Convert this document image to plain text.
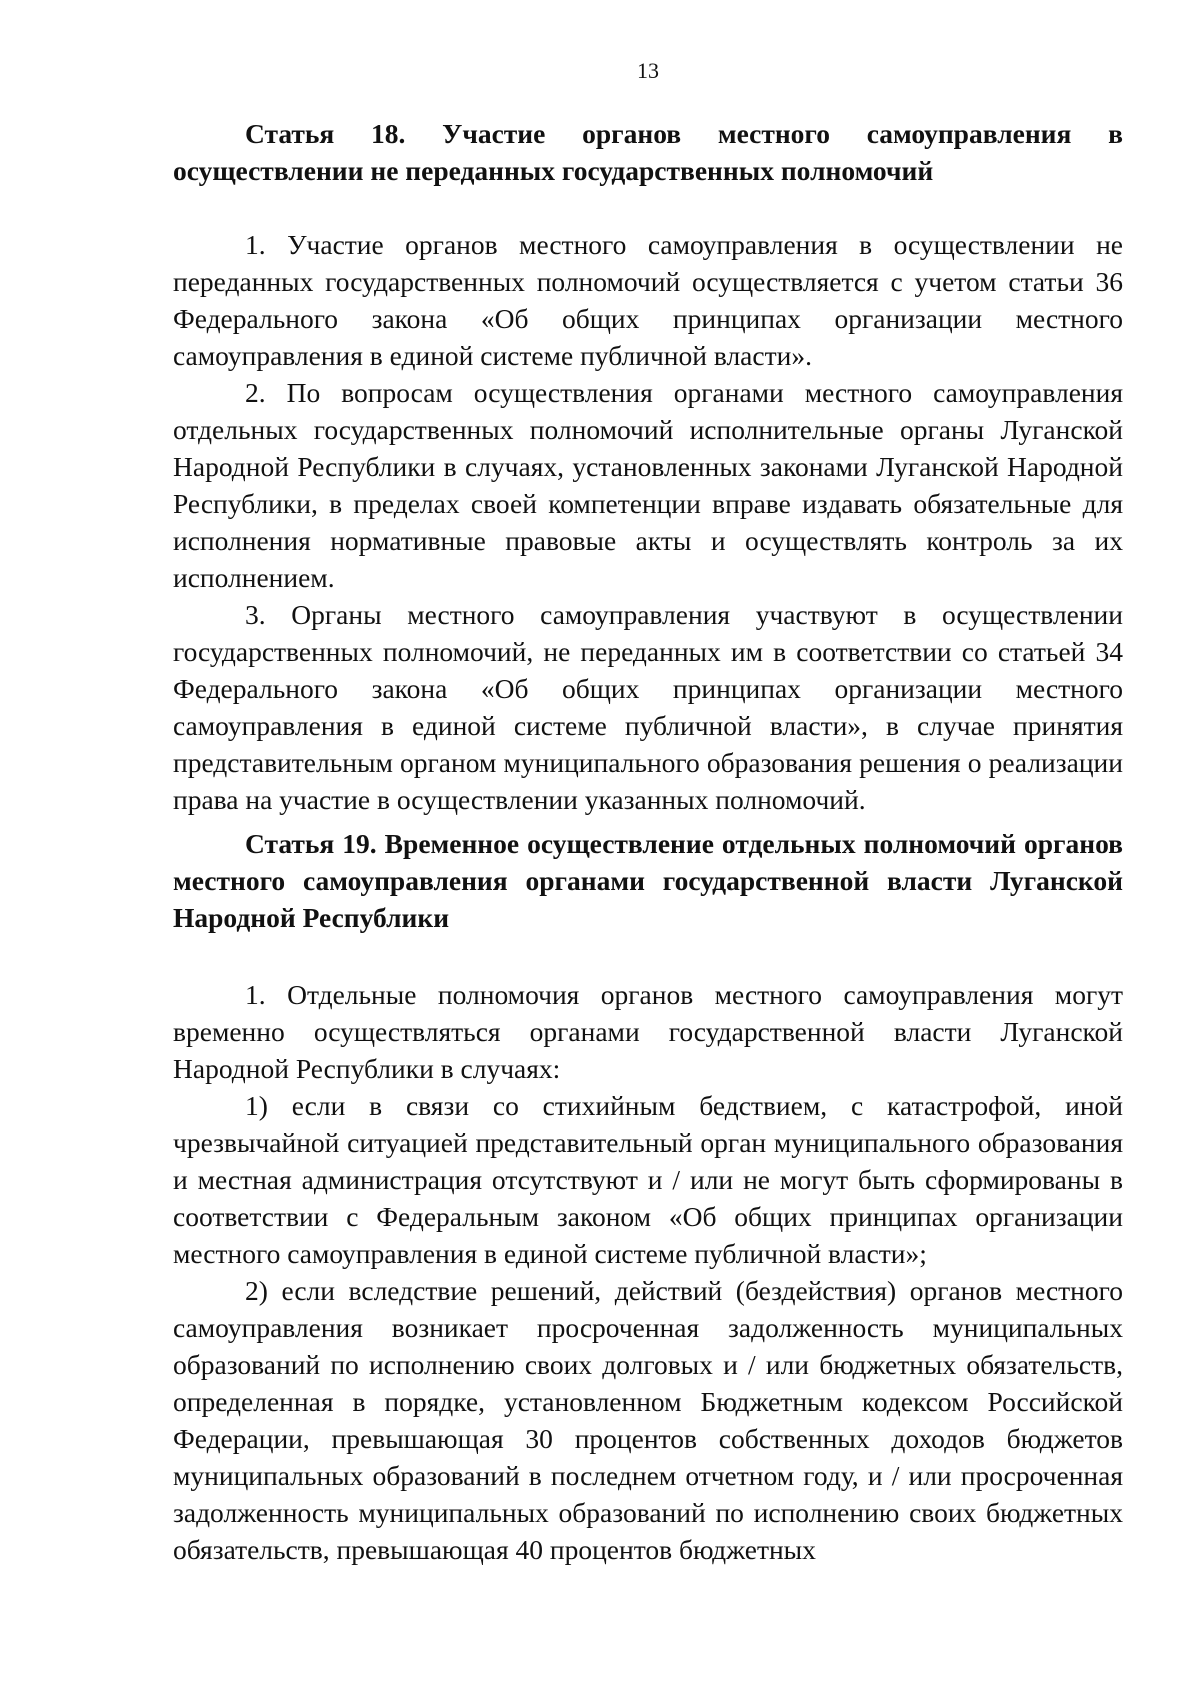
13

Статья 18. Участие органов местного самоуправления в осуществлении не переданных государственных полномочий

1. Участие органов местного самоуправления в осуществлении не переданных государственных полномочий осуществляется с учетом статьи 36 Федерального закона «Об общих принципах организации местного самоуправления в единой системе публичной власти».

2. По вопросам осуществления органами местного самоуправления отдельных государственных полномочий исполнительные органы Луганской Народной Республики в случаях, установленных законами Луганской Народной Республики, в пределах своей компетенции вправе издавать обязательные для исполнения нормативные правовые акты и осуществлять контроль за их исполнением.

3. Органы местного самоуправления участвуют в осуществлении государственных полномочий, не переданных им в соответствии со статьей 34 Федерального закона «Об общих принципах организации местного самоуправления в единой системе публичной власти», в случае принятия представительным органом муниципального образования решения о реализации права на участие в осуществлении указанных полномочий.

Статья 19. Временное осуществление отдельных полномочий органов местного самоуправления органами государственной власти Луганской Народной Республики

1. Отдельные полномочия органов местного самоуправления могут временно осуществляться органами государственной власти Луганской Народной Республики в случаях:

1) если в связи со стихийным бедствием, с катастрофой, иной чрезвычайной ситуацией представительный орган муниципального образования и местная администрация отсутствуют и / или не могут быть сформированы в соответствии с Федеральным законом «Об общих принципах организации местного самоуправления в единой системе публичной власти»;

2) если вследствие решений, действий (бездействия) органов местного самоуправления возникает просроченная задолженность муниципальных образований по исполнению своих долговых и / или бюджетных обязательств, определенная в порядке, установленном Бюджетным кодексом Российской Федерации, превышающая 30 процентов собственных доходов бюджетов муниципальных образований в последнем отчетном году, и / или просроченная задолженность муниципальных образований по исполнению своих бюджетных обязательств, превышающая 40 процентов бюджетных
